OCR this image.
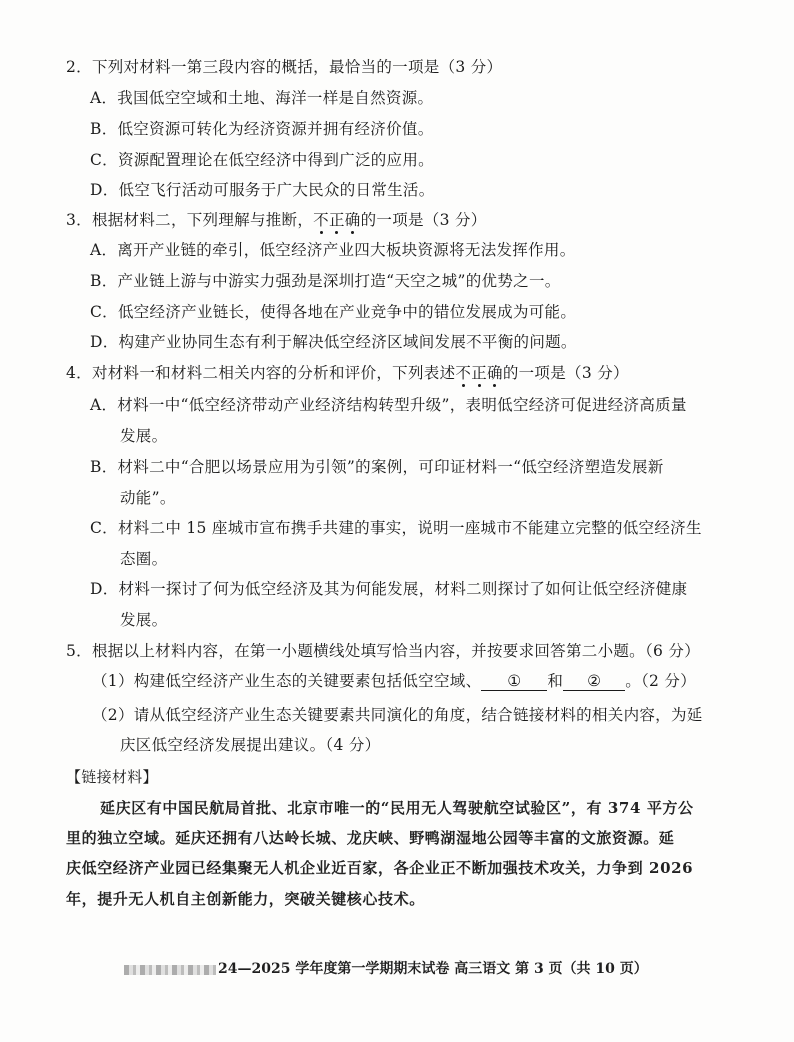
2．下列对材料一第三段内容的概括，最恰当的一项是（3 分）
A．我国低空空域和土地、海洋一样是自然资源。
B．低空资源可转化为经济资源并拥有经济价值。
C．资源配置理论在低空经济中得到广泛的应用。
D．低空飞行活动可服务于广大民众的日常生活。
3．根据材料二，下列理解与推断，不正确的一项是（3 分）
A．离开产业链的牵引，低空经济产业四大板块资源将无法发挥作用。
B．产业链上游与中游实力强劲是深圳打造“天空之城”的优势之一。
C．低空经济产业链长，使得各地在产业竞争中的错位发展成为可能。
D．构建产业协同生态有利于解决低空经济区域间发展不平衡的问题。
4．对材料一和材料二相关内容的分析和评价，下列表述不正确的一项是（3 分）
A．材料一中“低空经济带动产业经济结构转型升级”，表明低空经济可促进经济高质量
发展。
B．材料二中“合肥以场景应用为引领”的案例，可印证材料一“低空经济塑造发展新
动能”。
C．材料二中 15 座城市宣布携手共建的事实，说明一座城市不能建立完整的低空经济生
态圈。
D．材料一探讨了何为低空经济及其为何能发展，材料二则探讨了如何让低空经济健康
发展。
5．根据以上材料内容，在第一小题横线处填写恰当内容，并按要求回答第二小题。（6 分）
（1）构建低空经济产业生态的关键要素包括低空空域、 ① 和 ② 。（2 分）
（2）请从低空经济产业生态关键要素共同演化的角度，结合链接材料的相关内容，为延
庆区低空经济发展提出建议。（4 分）
【链接材料】
延庆区有中国民航局首批、北京市唯一的“民用无人驾驶航空试验区”，有 374 平方公
里的独立空域。延庆还拥有八达岭长城、龙庆峡、野鸭湖湿地公园等丰富的文旅资源。延
庆低空经济产业园已经集聚无人机企业近百家，各企业正不断加强技术攻关，力争到 2026
年，提升无人机自主创新能力，突破关键核心技术。
24—2025 学年度第一学期期末试卷 高三语文 第 3 页（共 10 页）
